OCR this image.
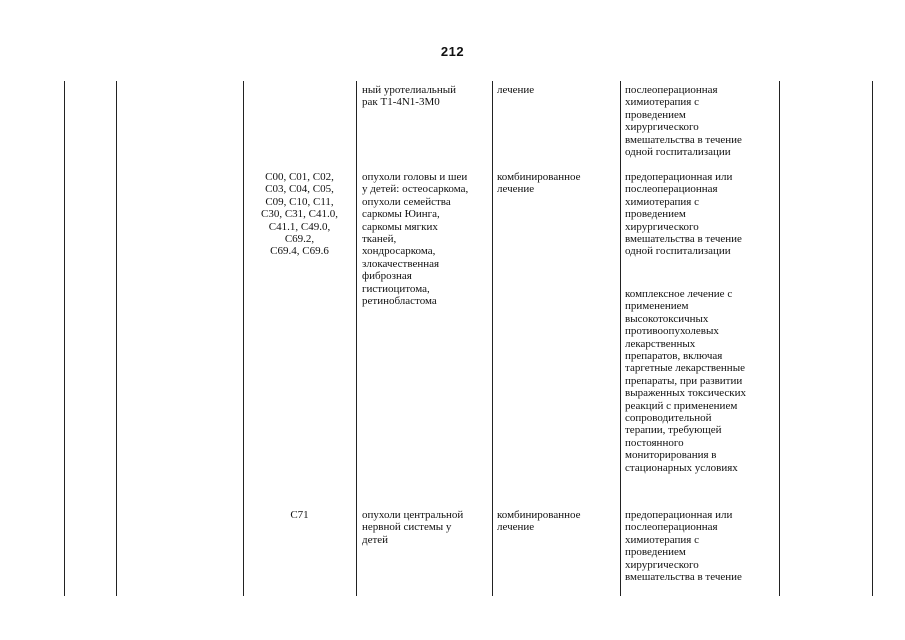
212

ный уротелиальный
рак T1-4N1-3M0

лечение	послеоперационная
химиотерапия с
проведением
хирургического
вмешательства в течение
одной госпитализации

C00, C01, C02,
C03, C04, C05,
C09, C10, C11,
C30, C31, C41.0,
C41.1, C49.0,
C69.2,
C69.4, C69.6

опухоли головы и шеи
у детей: остеосаркома,
опухоли семейства
саркомы Юинга,
саркомы мягких
тканей,
хондросаркома,
злокачественная
фиброзная
гистиоцитома,
ретинобластома

комбинированное
лечение

предоперационная или
послеоперационная
химиотерапия с
проведением
хирургического
вмешательства в течение
одной госпитализации

комплексное лечение с
применением
высокотоксичных
противоопухолевых
лекарственных
препаратов, включая
таргетные лекарственные
препараты, при развитии
выраженных токсических
реакций с применением
сопроводительной
терапии, требующей
постоянного
мониторирования в
стационарных условиях

C71	опухоли центральной
нервной системы у
детей

комбинированное
лечение

предоперационная или
послеоперационная
химиотерапия с
проведением
хирургического
вмешательства в течение
